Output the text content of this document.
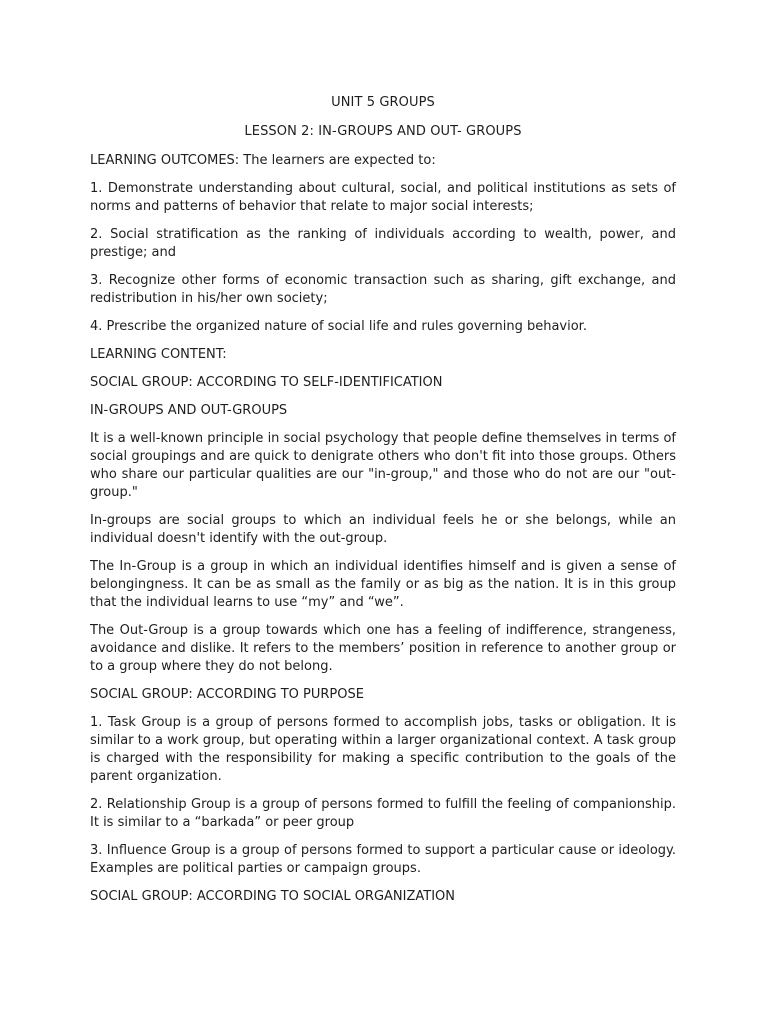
UNIT 5 GROUPS
LESSON 2: IN-GROUPS AND OUT- GROUPS

LEARNING OUTCOMES: The learners are expected to:

1. Demonstrate understanding about cultural, social, and political institutions as sets of norms and patterns of behavior that relate to major social interests;

2. Social stratification as the ranking of individuals according to wealth, power, and prestige; and

3. Recognize other forms of economic transaction such as sharing, gift exchange, and redistribution in his/her own society;

4. Prescribe the organized nature of social life and rules governing behavior.

LEARNING CONTENT:

SOCIAL GROUP: ACCORDING TO SELF-IDENTIFICATION

IN-GROUPS AND OUT-GROUPS

It is a well-known principle in social psychology that people define themselves in terms of social groupings and are quick to denigrate others who don't fit into those groups. Others who share our particular qualities are our "in-group," and those who do not are our "out-group."

In-groups are social groups to which an individual feels he or she belongs, while an individual doesn't identify with the out-group.

The In-Group is a group in which an individual identifies himself and is given a sense of belongingness. It can be as small as the family or as big as the nation. It is in this group that the individual learns to use “my” and “we”.

The Out-Group is a group towards which one has a feeling of indifference, strangeness, avoidance and dislike. It refers to the members’ position in reference to another group or to a group where they do not belong.

SOCIAL GROUP: ACCORDING TO PURPOSE

1. Task Group is a group of persons formed to accomplish jobs, tasks or obligation. It is similar to a work group, but operating within a larger organizational context. A task group is charged with the responsibility for making a specific contribution to the goals of the parent organization.

2. Relationship Group is a group of persons formed to fulfill the feeling of companionship. It is similar to a “barkada” or peer group

3. Influence Group is a group of persons formed to support a particular cause or ideology. Examples are political parties or campaign groups.

SOCIAL GROUP: ACCORDING TO SOCIAL ORGANIZATION
